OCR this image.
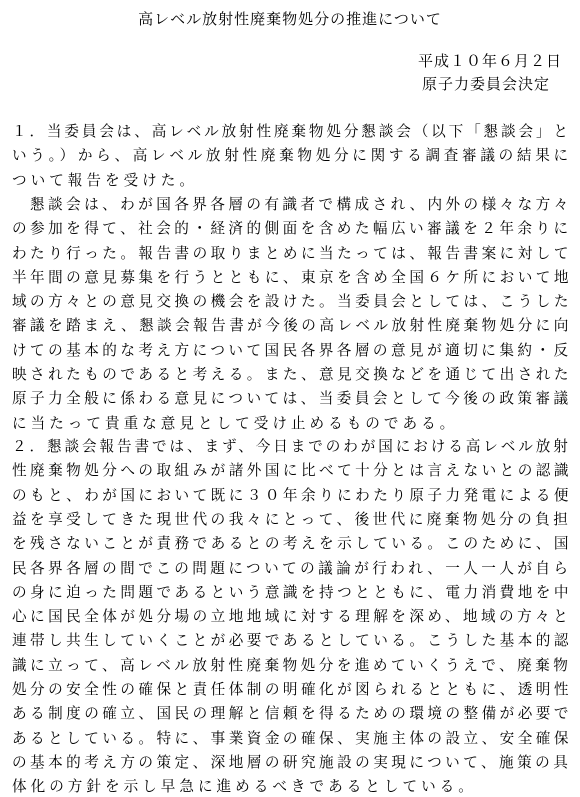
高レベル放射性廃棄物処分の推進について
平成１０年６月２日
原子力委員会決定
１．当委員会は、高レベル放射性廃棄物処分懇談会（以下「懇談会」と
いう。）から、高レベル放射性廃棄物処分に関する調査審議の結果に
ついて報告を受けた。
　懇談会は、わが国各界各層の有識者で構成され、内外の様々な方々
の参加を得て、社会的・経済的側面を含めた幅広い審議を２年余りに
わたり行った。報告書の取りまとめに当たっては、報告書案に対して
半年間の意見募集を行うとともに、東京を含め全国６ケ所において地
域の方々との意見交換の機会を設けた。当委員会としては、こうした
審議を踏まえ、懇談会報告書が今後の高レベル放射性廃棄物処分に向
けての基本的な考え方について国民各界各層の意見が適切に集約・反
映されたものであると考える。また、意見交換などを通じて出された
原子力全般に係わる意見については、当委員会として今後の政策審議
に当たって貴重な意見として受け止めるものである。
２．懇談会報告書では、まず、今日までのわが国における高レベル放射
性廃棄物処分への取組みが諸外国に比べて十分とは言えないとの認識
のもと、わが国において既に３０年余りにわたり原子力発電による便
益を享受してきた現世代の我々にとって、後世代に廃棄物処分の負担
を残さないことが責務であるとの考えを示している。このために、国
民各界各層の間でこの問題についての議論が行われ、一人一人が自ら
の身に迫った問題であるという意識を持つとともに、電力消費地を中
心に国民全体が処分場の立地地域に対する理解を深め、地域の方々と
連帯し共生していくことが必要であるとしている。こうした基本的認
識に立って、高レベル放射性廃棄物処分を進めていくうえで、廃棄物
処分の安全性の確保と責任体制の明確化が図られるとともに、透明性
ある制度の確立、国民の理解と信頼を得るための環境の整備が必要で
あるとしている。特に、事業資金の確保、実施主体の設立、安全確保
の基本的考え方の策定、深地層の研究施設の実現について、施策の具
体化の方針を示し早急に進めるべきであるとしている。
